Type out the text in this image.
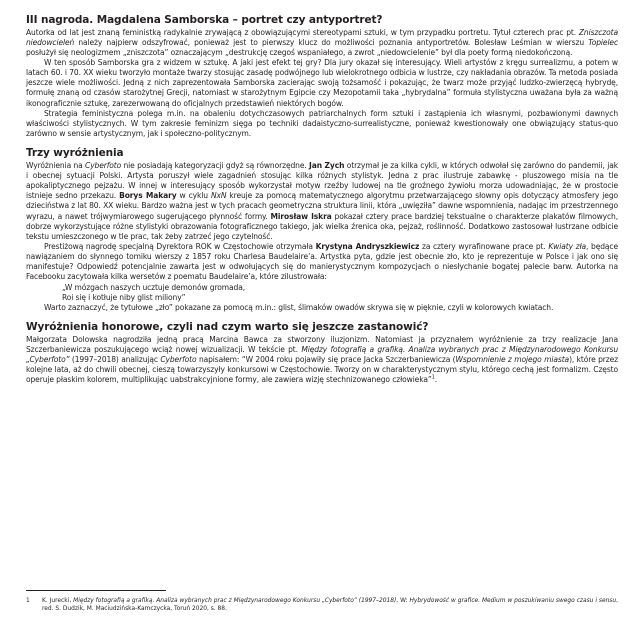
III nagroda. Magdalena Samborska – portret czy antyportret?

Autorka od lat jest znaną feministką radykalnie zrywającą z obowiązującymi stereotypami sztuki, w tym przypadku portretu. Tytuł czterech prac pt. Zniszczota niedowcieleń należy najpierw odszyfrować, ponieważ jest to pierwszy klucz do możliwości poznania antyportretów. Bolesław Leśmian w wierszu Topielec posłużył się neologizmem „zniszczota” oznaczającym „destrukcję czegoś wspaniałego, a zwrot „niedowcielenie” był dla poety formą niedokończoną.

W ten sposób Samborska gra z widzem w sztukę. A jaki jest efekt tej gry? Dla jury okazał się interesujący. Wieli artystów z kręgu surrealizmu, a potem w latach 60. i 70. XX wieku tworzyło montaże twarzy stosując zasadę podwójnego lub wielokrotnego odbicia w lustrze, czy nakładania obrazów. Ta metoda posiada jeszcze wiele możliwości. Jedną z nich zaprezentowała Samborska zacierając swoją tożsamość i pokazując, że twarz może przyjąć ludzko-zwierzęcą hybrydę, formułę znaną od czasów starożytnej Grecji, natomiast w starożytnym Egipcie czy Mezopotamii taka „hybrydalna” formuła stylistyczna uważana była za ważną ikonograficznie sztukę, zarezerwowaną do oficjalnych przedstawień niektórych bogów.

Strategia feministyczna polega m.in. na obaleniu dotychczasowych patriarchalnych form sztuki i zastąpienia ich własnymi, pozbawionymi dawnych właściwości stylistycznych. W tym zakresie feminizm sięga po techniki dadaistyczno-surrealistyczne, ponieważ kwestionowały one obwiązujący status-quo zarówno w sensie artystycznym, jak i społeczno-politycznym.

Trzy wyróżnienia

Wyróżnienia na Cyberfoto nie posiadają kategoryzacji gdyż są równorzędne. Jan Zych otrzymał je za kilka cykli, w których odwołał się zarówno do pandemii, jak i obecnej sytuacji Polski. Artysta poruszył wiele zagadnień stosując kilka różnych stylistyk. Jedna z prac ilustruje zabawkę - pluszowego misia na tle apokaliptycznego pejzażu. W innej w interesujący sposób wykorzystał motyw rzeźby ludowej na tle groźnego żywiołu morza udowadniając, że w prostocie istnieje sedno przekazu. Borys Makary w cyklu NxN kreuje za pomocą matematycznego algorytmu przetwarzającego słowny opis dotyczący atmosfery jego dzieciństwa z lat 80. XX wieku. Bardzo ważna jest w tych pracach geometryczna struktura linii, która „uwięziła” dawne wspomnienia, nadając im przestrzennego wyrazu, a nawet trójwymiarowego sugerującego płynność formy. Mirosław Iskra pokazał cztery prace bardziej tekstualne o charakterze plakatów filmowych, dobrze wykorzystujące różne stylistyki obrazowania fotograficznego takiego, jak wielka źrenica oka, pejzaż, roślinność. Dodatkowo zastosował lustrzane odbicie tekstu umieszczonego w tle prac, tak żeby zatrzeć jego czytelność.

Prestiżową nagrodę specjalną Dyrektora ROK w Częstochowie otrzymała Krystyna Andryszkiewicz za cztery wyrafinowane prace pt. Kwiaty zła, będące nawiązaniem do słynnego tomiku wierszy z 1857 roku Charlesa Baudelaire’a. Artystka pyta, gdzie jest obecnie zło, kto je reprezentuje w Polsce i jak ono się manifestuje? Odpowiedź potencjalnie zawarta jest w odwołujących się do manierystycznym kompozycjach o niesłychanie bogatej palecie barw. Autorka na Facebooku zacytowała kilka wersetów z poematu Baudelaire’a, które zilustrowała:

„W mózgach naszych ucztuje demonów gromada,
Roi się i kotłuje niby glist miliony”

Warto zaznaczyć, że tytułowe „zło” pokazane za pomocą m.in.: glist, ślimaków owadów skrywa się w pięknie, czyli w kolorowych kwiatach.

Wyróżnienia honorowe, czyli nad czym warto się jeszcze zastanowić?

Małgorzata Dolowska nagrodziła jedną pracą Marcina Bawca za stworzony iluzjonizm. Natomiast ja przyznałem wyróżnienie za trzy realizacje Jana Szczerbaniewicza poszukującego wciąż nowej wizualizacji. W tekście pt. Między fotografią a grafiką. Analiza wybranych prac z Międzynarodowego Konkursu „Cyberfoto” (1997–2018) analizując Cyberfoto napisałem: “W 2004 roku pojawiły się prace Jacka Szczerbaniewicza (Wspomnienie z mojego miasta), które przez kolejne lata, aż do chwili obecnej, cieszą towarzyszyły konkursowi w Częstochowie. Tworzy on w charakterystycznym stylu, którego cechą jest formalizm. Często operuje płaskim kolorem, multiplikując uabstrakcyjnione formy, ale zawiera wizję stechnizowanego człowieka”$^1$.

1	K. Jurecki, Między fotografią a grafiką. Analiza wybranych prac z Międzynarodowego Konkursu „Cyberfoto” (1997–2018), W: Hybrydowość w grafice. Medium w poszukiwaniu swego czasu i sensu, red. S. Dudzik, M. Maciudzińska-Kamczycka, Toruń 2020, s. 88.
